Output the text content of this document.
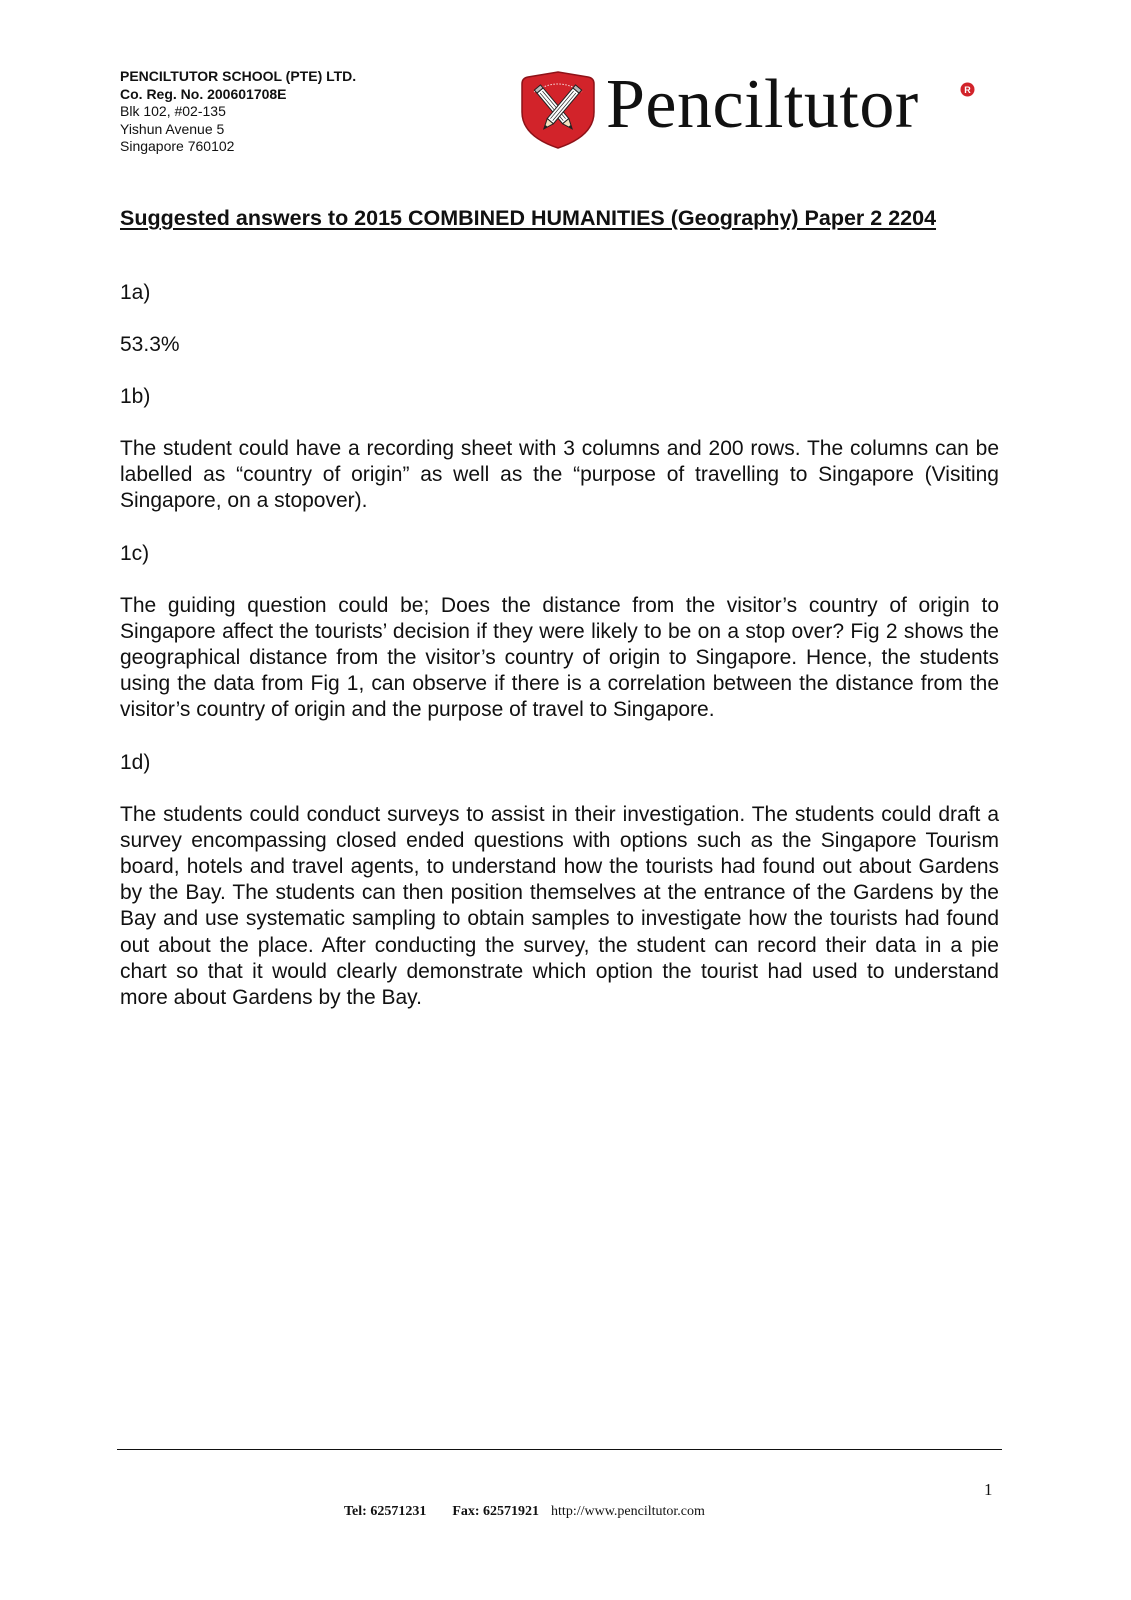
PENCILTUTOR SCHOOL (PTE) LTD.
Co. Reg. No. 200601708E
Blk 102, #02-135
Yishun Avenue 5
Singapore 760102
Penciltutor	R
Suggested answers to 2015 COMBINED HUMANITIES (Geography) Paper 2 2204
1a)
53.3%
1b)

The student could have a recording sheet with 3 columns and 200 rows. The columns can be labelled as “country of origin” as well as the “purpose of travelling to Singapore (Visiting Singapore, on a stopover).

1c)

The guiding question could be; Does the distance from the visitor’s country of origin to Singapore affect the tourists’ decision if they were likely to be on a stop over? Fig 2 shows the geographical distance from the visitor’s country of origin to Singapore. Hence, the students using the data from Fig 1, can observe if there is a correlation between the distance from the visitor’s country of origin and the purpose of travel to Singapore.

1d)

The students could conduct surveys to assist in their investigation. The students could draft a survey encompassing closed ended questions with options such as the Singapore Tourism board, hotels and travel agents, to understand how the tourists had found out about Gardens by the Bay. The students can then position themselves at the entrance of the Gardens by the Bay and use systematic sampling to obtain samples to investigate how the tourists had found out about the place. After conducting the survey, the student can record their data in a pie chart so that it would clearly demonstrate which option the tourist had used to understand more about Gardens by the Bay.

1
Tel: 62571231 Fax: 62571921 http://www.penciltutor.com
